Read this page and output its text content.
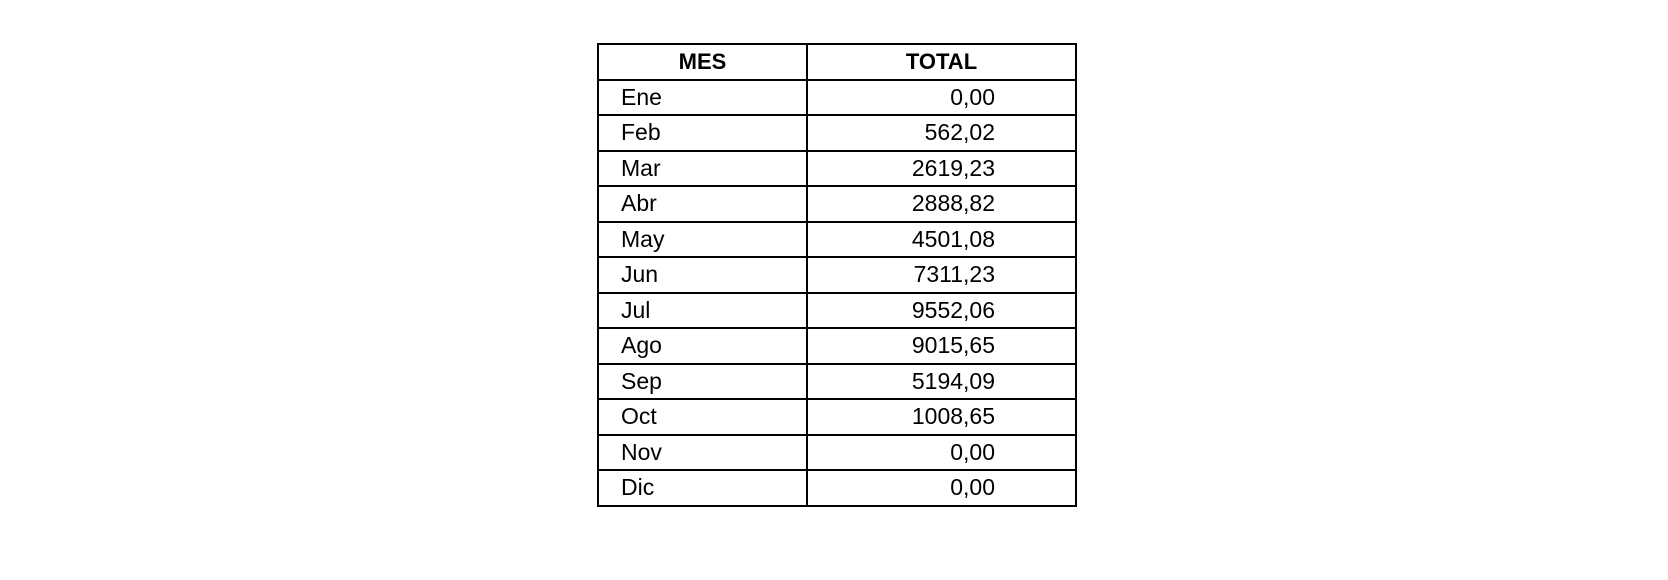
MES	TOTAL
Ene	0,00
Feb	562,02
Mar	2619,23
Abr	2888,82
May	4501,08
Jun	7311,23
Jul	9552,06
Ago	9015,65
Sep	5194,09
Oct	1008,65
Nov	0,00
Dic	0,00
